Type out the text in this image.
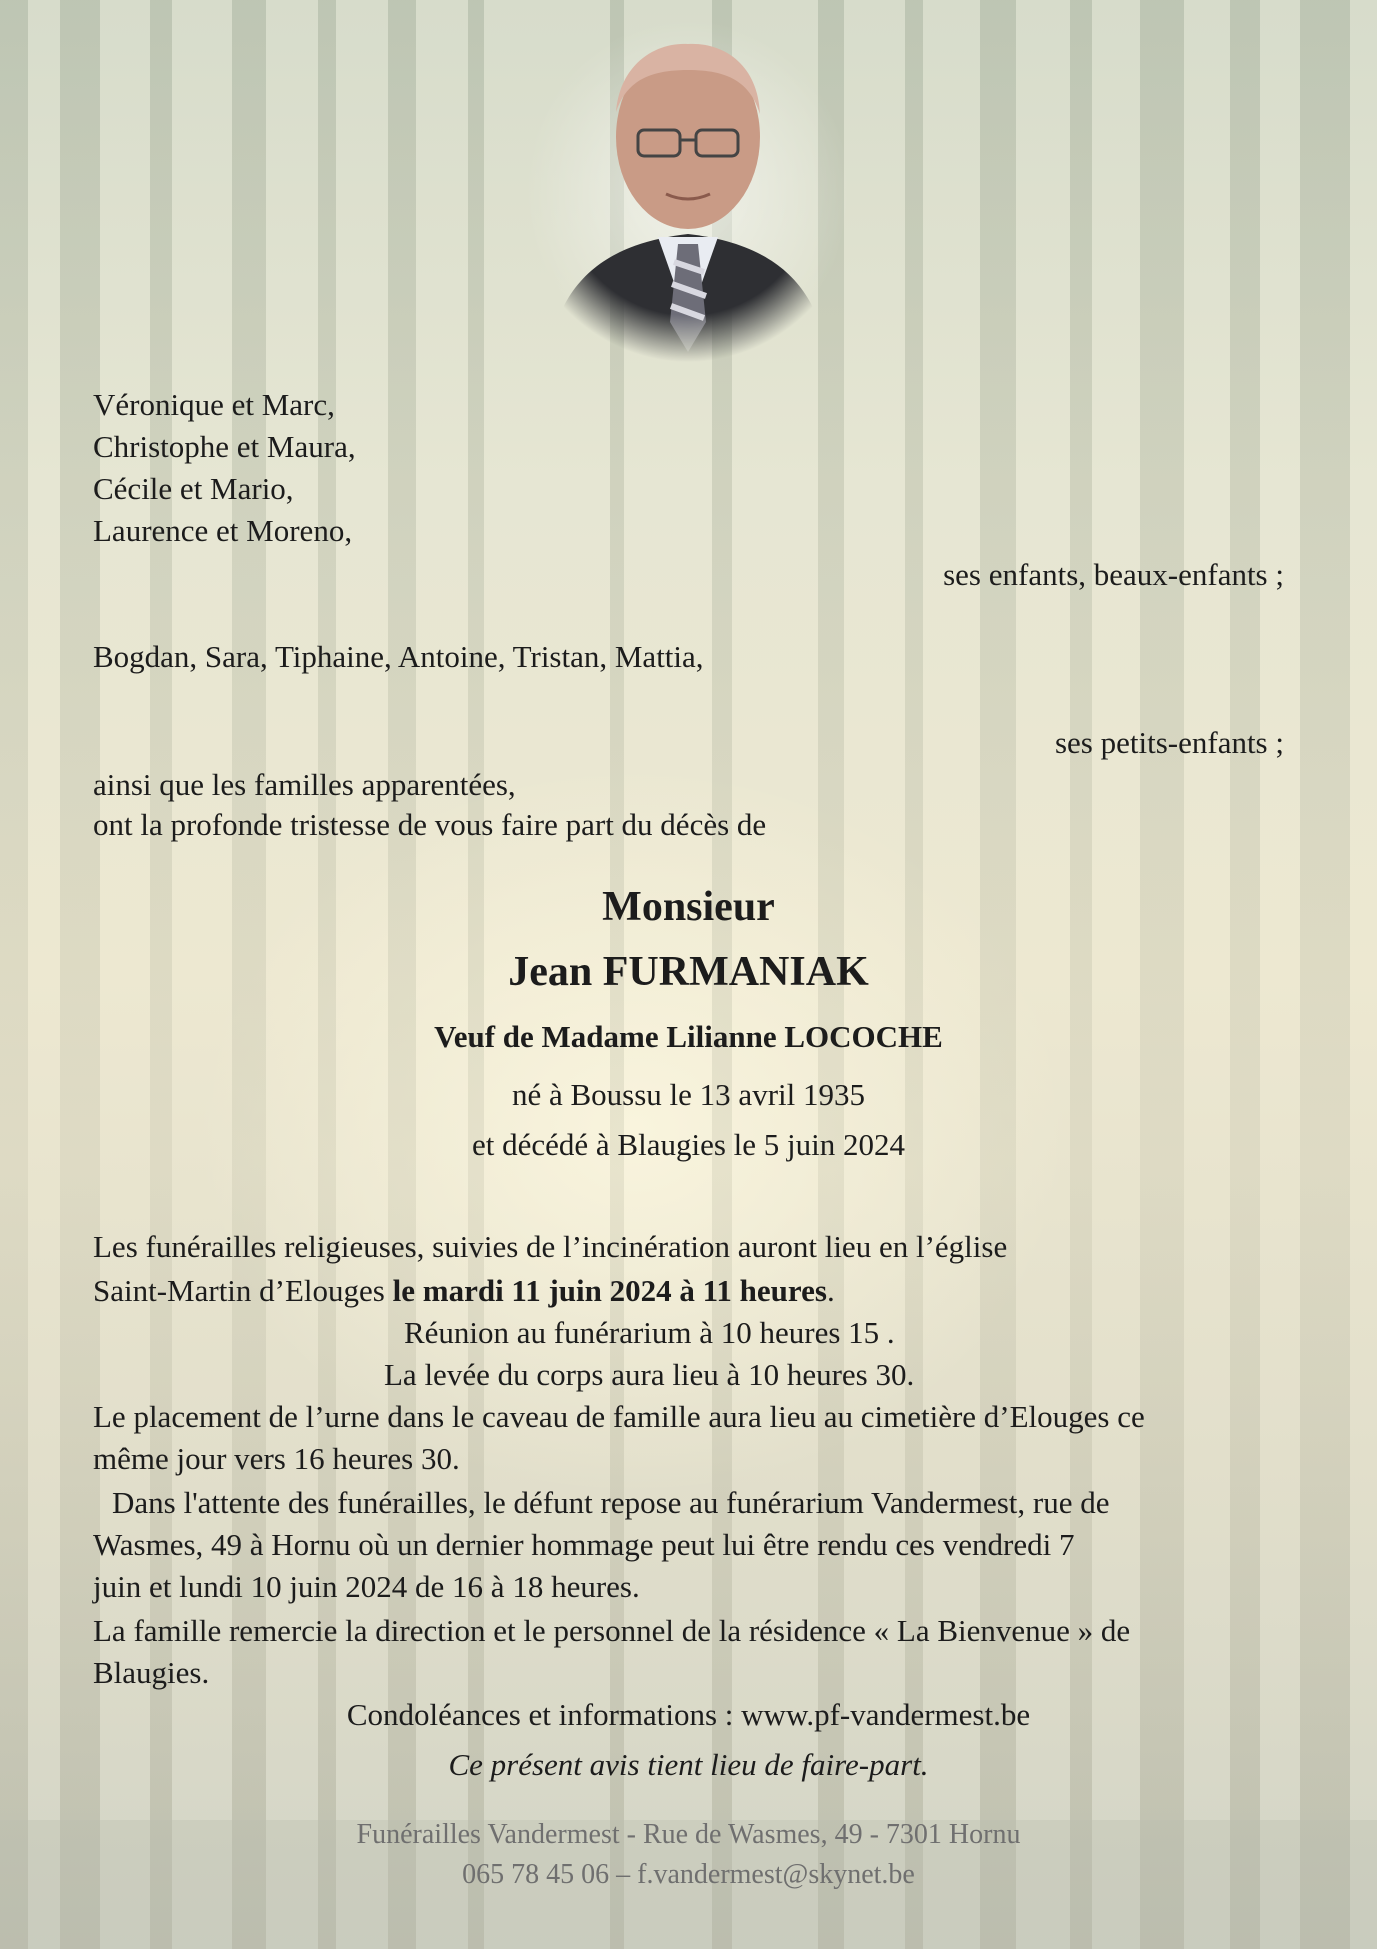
Véronique et Marc,
Christophe et Maura,
Cécile et Mario,
Laurence et Moreno,
ses enfants, beaux-enfants ;
Bogdan, Sara, Tiphaine, Antoine, Tristan, Mattia,
ses petits-enfants ;
ainsi que les familles apparentées,
ont la profonde tristesse de vous faire part du décès de
Monsieur
Jean FURMANIAK
Veuf de Madame Lilianne LOCOCHE
né à Boussu le 13 avril 1935
et décédé à Blaugies le 5 juin 2024
Les funérailles religieuses, suivies de l’incinération auront lieu en l’église
Saint-Martin d’Elouges le mardi 11 juin 2024 à 11 heures.
Réunion au funérarium à 10 heures 15 .
La levée du corps aura lieu à 10 heures 30.
Le placement de l’urne dans le caveau de famille aura lieu au cimetière d’Elouges ce
même jour vers 16 heures 30.
Dans l'attente des funérailles, le défunt repose au funérarium Vandermest, rue de
Wasmes, 49 à Hornu où un dernier hommage peut lui être rendu ces vendredi 7
juin et lundi 10 juin 2024 de 16 à 18 heures.
La famille remercie la direction et le personnel de la résidence « La Bienvenue » de
Blaugies.
Condoléances et informations : www.pf-vandermest.be
Ce présent avis tient lieu de faire-part.
Funérailles Vandermest - Rue de Wasmes, 49 - 7301 Hornu
065 78 45 06 – f.vandermest@skynet.be
